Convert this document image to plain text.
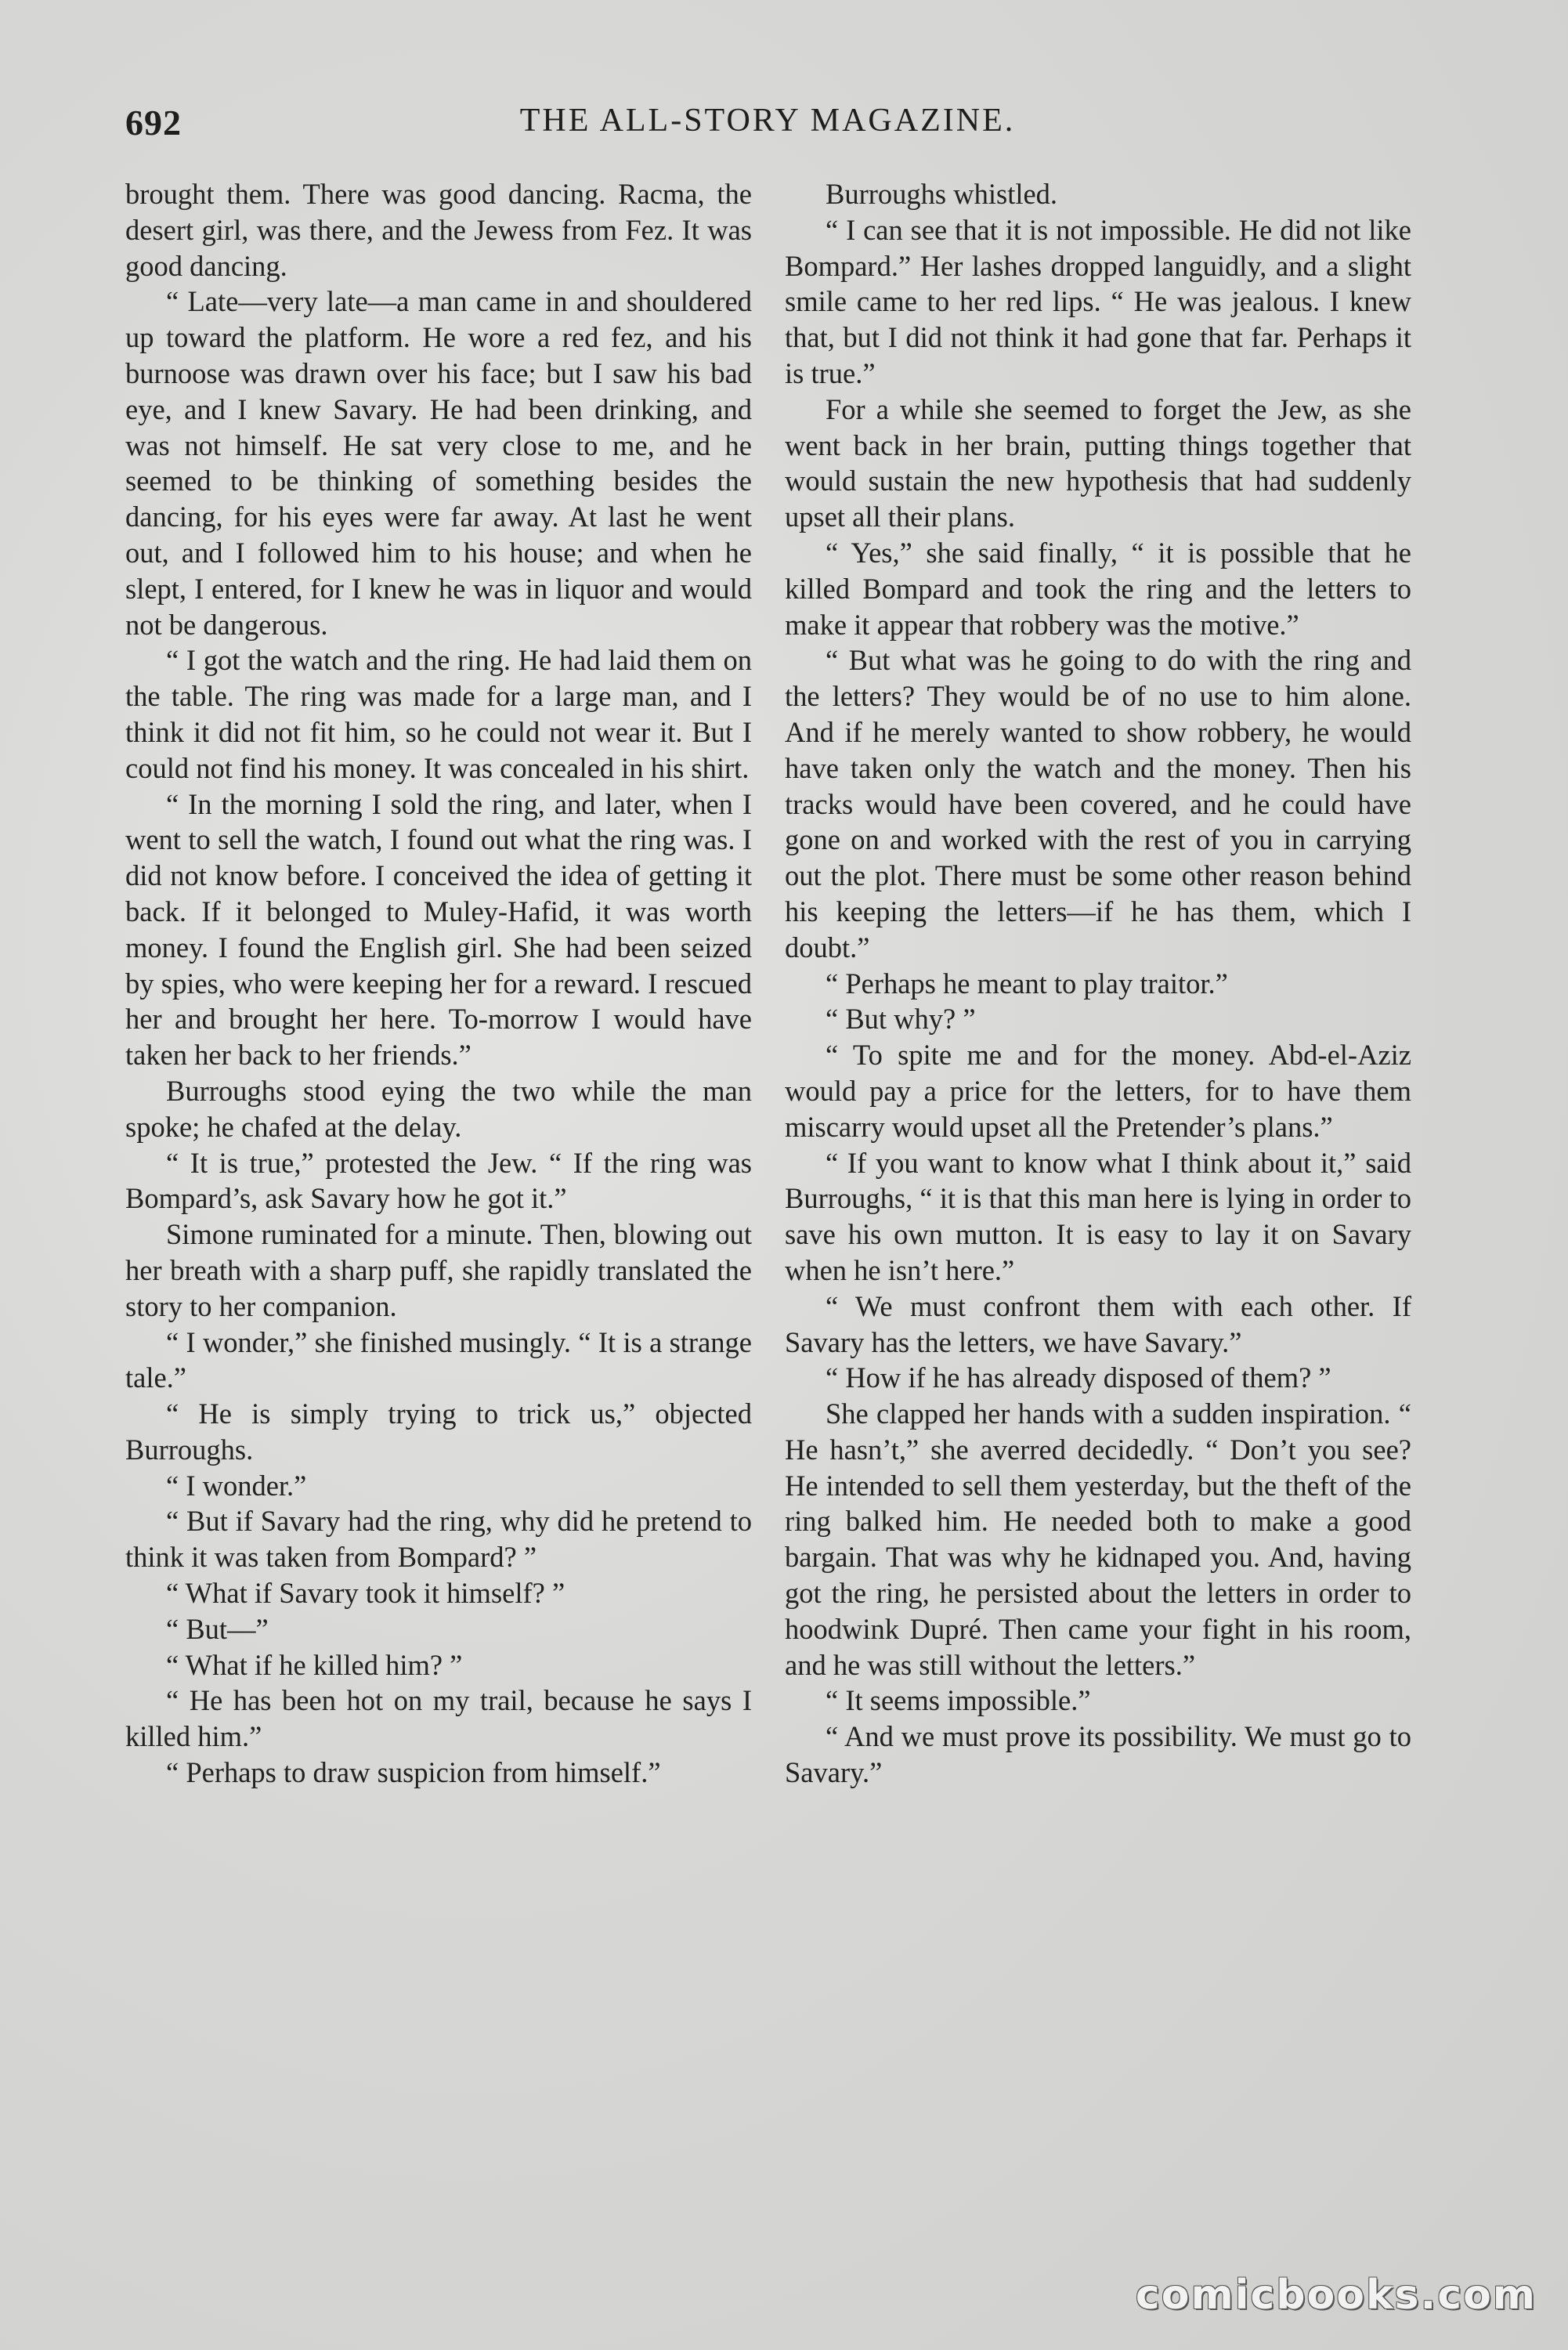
692	THE ALL-STORY MAGAZINE.

brought them. There was good dancing. Racma, the desert girl, was there, and the Jewess from Fez. It was good dancing.

“ Late—very late—a man came in and shouldered up toward the platform. He wore a red fez, and his burnoose was drawn over his face; but I saw his bad eye, and I knew Savary. He had been drinking, and was not himself. He sat very close to me, and he seemed to be thinking of something besides the dancing, for his eyes were far away. At last he went out, and I followed him to his house; and when he slept, I entered, for I knew he was in liquor and would not be dangerous.

“ I got the watch and the ring. He had laid them on the table. The ring was made for a large man, and I think it did not fit him, so he could not wear it. But I could not find his money. It was concealed in his shirt.

“ In the morning I sold the ring, and later, when I went to sell the watch, I found out what the ring was. I did not know before. I conceived the idea of getting it back. If it belonged to Muley-Hafid, it was worth money. I found the English girl. She had been seized by spies, who were keeping her for a reward. I rescued her and brought her here. To-morrow I would have taken her back to her friends.”

Burroughs stood eying the two while the man spoke; he chafed at the delay.

“ It is true,” protested the Jew. “ If the ring was Bompard’s, ask Savary how he got it.”

Simone ruminated for a minute. Then, blowing out her breath with a sharp puff, she rapidly translated the story to her companion.

“ I wonder,” she finished musingly. “ It is a strange tale.”

“ He is simply trying to trick us,” objected Burroughs.

“ I wonder.”

“ But if Savary had the ring, why did he pretend to think it was taken from Bompard? ”

“ What if Savary took it himself? ”

“ But—”

“ What if he killed him? ”

“ He has been hot on my trail, because he says I killed him.”

“ Perhaps to draw suspicion from himself.”

Burroughs whistled.

“ I can see that it is not impossible. He did not like Bompard.” Her lashes dropped languidly, and a slight smile came to her red lips. “ He was jealous. I knew that, but I did not think it had gone that far. Perhaps it is true.”

For a while she seemed to forget the Jew, as she went back in her brain, putting things together that would sustain the new hypothesis that had suddenly upset all their plans.

“ Yes,” she said finally, “ it is possible that he killed Bompard and took the ring and the letters to make it appear that robbery was the motive.”

“ But what was he going to do with the ring and the letters? They would be of no use to him alone. And if he merely wanted to show robbery, he would have taken only the watch and the money. Then his tracks would have been covered, and he could have gone on and worked with the rest of you in carrying out the plot. There must be some other reason behind his keeping the letters—if he has them, which I doubt.”

“ Perhaps he meant to play traitor.”

“ But why? ”

“ To spite me and for the money. Abd-el-Aziz would pay a price for the letters, for to have them miscarry would upset all the Pretender’s plans.”

“ If you want to know what I think about it,” said Burroughs, “ it is that this man here is lying in order to save his own mutton. It is easy to lay it on Savary when he isn’t here.”

“ We must confront them with each other. If Savary has the letters, we have Savary.”

“ How if he has already disposed of them? ”

She clapped her hands with a sudden inspiration. “ He hasn’t,” she averred decidedly. “ Don’t you see? He intended to sell them yesterday, but the theft of the ring balked him. He needed both to make a good bargain. That was why he kidnaped you. And, having got the ring, he persisted about the letters in order to hoodwink Dupré. Then came your fight in his room, and he was still without the letters.”

“ It seems impossible.”

“ And we must prove its possibility. We must go to Savary.”

comicbooks.com
